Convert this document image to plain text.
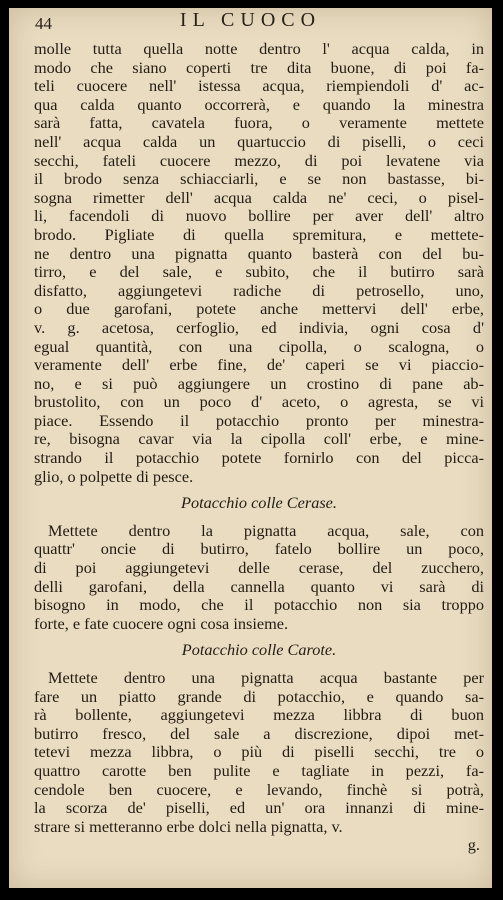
44	IL CUOCO
molle tutta quella notte dentro l' acqua calda, in
modo che siano coperti tre dita buone, di poi fa-
teli cuocere nell' istessa acqua, riempiendoli d' ac-
qua calda quanto occorrerà, e quando la minestra
sarà fatta, cavatela fuora, o veramente mettete
nell' acqua calda un quartuccio di piselli, o ceci
secchi, fateli cuocere mezzo, di poi levatene via
il brodo senza schiacciarli, e se non bastasse, bi-
sogna rimetter dell' acqua calda ne' ceci, o pisel-
li, facendoli di nuovo bollire per aver dell' altro
brodo. Pigliate di quella spremitura, e mettete-
ne dentro una pignatta quanto basterà con del bu-
tirro, e del sale, e subito, che il butirro sarà
disfatto, aggiungetevi radiche di petrosello, uno,
o due garofani, potete anche mettervi dell' erbe,
v. g. acetosa, cerfoglio, ed indivia, ogni cosa d'
egual quantità, con una cipolla, o scalogna, o
veramente dell' erbe fine, de' caperi se vi piaccio-
no, e si può aggiungere un crostino di pane ab-
brustolito, con un poco d' aceto, o agresta, se vi
piace. Essendo il potacchio pronto per minestra-
re, bisogna cavar via la cipolla coll' erbe, e mine-
strando il potacchio potete fornirlo con del picca-
glio, o polpette di pesce.
Potacchio colle Cerase.
Mettete dentro la pignatta acqua, sale, con
quattr' oncie di butirro, fatelo bollire un poco,
di poi aggiungetevi delle cerase, del zucchero,
delli garofani, della cannella quanto vi sarà di
bisogno in modo, che il potacchio non sia troppo
forte, e fate cuocere ogni cosa insieme.
Potacchio colle Carote.
Mettete dentro una pignatta acqua bastante per
fare un piatto grande di potacchio, e quando sa-
rà bollente, aggiungetevi mezza libbra di buon
butirro fresco, del sale a discrezione, dipoi met-
tetevi mezza libbra, o più di piselli secchi, tre o
quattro carotte ben pulite e tagliate in pezzi, fa-
cendole ben cuocere, e levando, finchè si potrà,
la scorza de' piselli, ed un' ora innanzi di mine-
strare si metteranno erbe dolci nella pignatta, v.
g.
